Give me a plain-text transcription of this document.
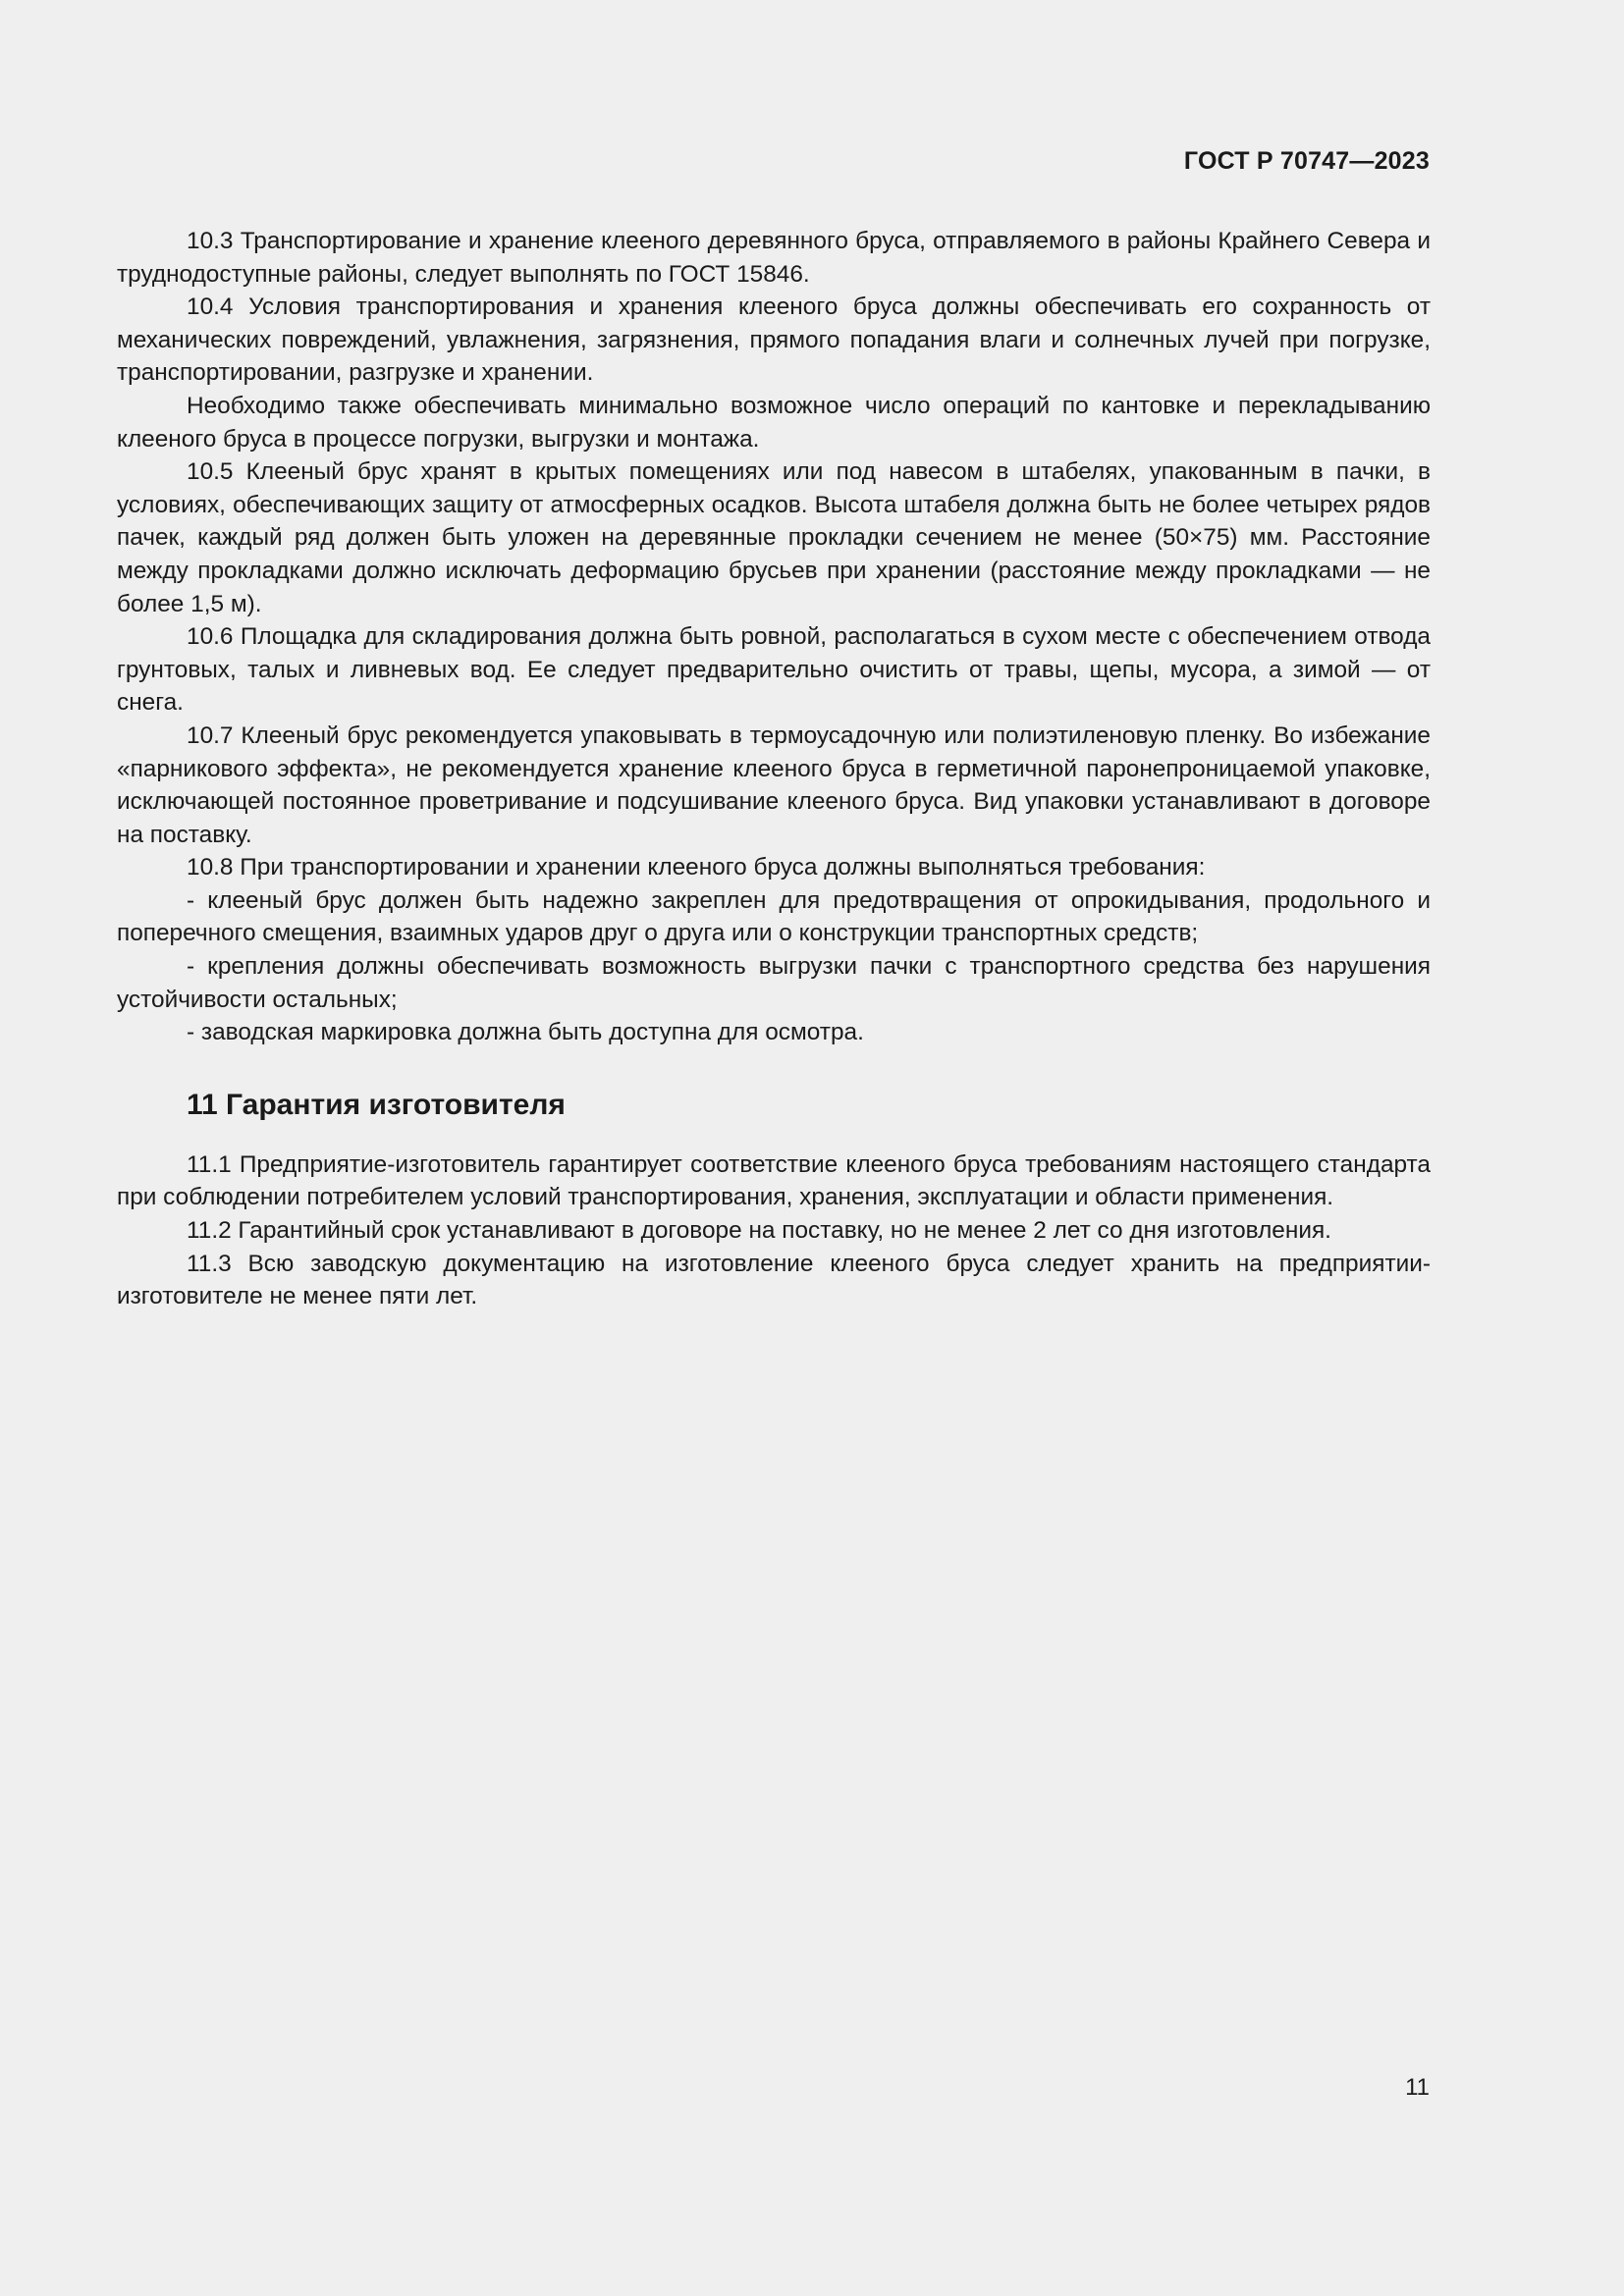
ГОСТ Р 70747—2023

10.3 Транспортирование и хранение клееного деревянного бруса, отправляемого в районы Крайнего Севера и труднодоступные районы, следует выполнять по ГОСТ 15846.

10.4 Условия транспортирования и хранения клееного бруса должны обеспечивать его сохранность от механических повреждений, увлажнения, загрязнения, прямого попадания влаги и солнечных лучей при погрузке, транспортировании, разгрузке и хранении.

Необходимо также обеспечивать минимально возможное число операций по кантовке и перекладыванию клееного бруса в процессе погрузки, выгрузки и монтажа.

10.5 Клееный брус хранят в крытых помещениях или под навесом в штабелях, упакованным в пачки, в условиях, обеспечивающих защиту от атмосферных осадков. Высота штабеля должна быть не более четырех рядов пачек, каждый ряд должен быть уложен на деревянные прокладки сечением не менее (50×75) мм. Расстояние между прокладками должно исключать деформацию брусьев при хранении (расстояние между прокладками — не более 1,5 м).

10.6 Площадка для складирования должна быть ровной, располагаться в сухом месте с обеспечением отвода грунтовых, талых и ливневых вод. Ее следует предварительно очистить от травы, щепы, мусора, а зимой — от снега.

10.7 Клееный брус рекомендуется упаковывать в термоусадочную или полиэтиленовую пленку. Во избежание «парникового эффекта», не рекомендуется хранение клееного бруса в герметичной паронепроницаемой упаковке, исключающей постоянное проветривание и подсушивание клееного бруса. Вид упаковки устанавливают в договоре на поставку.

10.8 При транспортировании и хранении клееного бруса должны выполняться требования:

- клееный брус должен быть надежно закреплен для предотвращения от опрокидывания, продольного и поперечного смещения, взаимных ударов друг о друга или о конструкции транспортных средств;

- крепления должны обеспечивать возможность выгрузки пачки с транспортного средства без нарушения устойчивости остальных;

- заводская маркировка должна быть доступна для осмотра.

11 Гарантия изготовителя

11.1 Предприятие-изготовитель гарантирует соответствие клееного бруса требованиям настоящего стандарта при соблюдении потребителем условий транспортирования, хранения, эксплуатации и области применения.

11.2 Гарантийный срок устанавливают в договоре на поставку, но не менее 2 лет со дня изготовления.

11.3 Всю заводскую документацию на изготовление клееного бруса следует хранить на предприятии-изготовителе не менее пяти лет.

11
